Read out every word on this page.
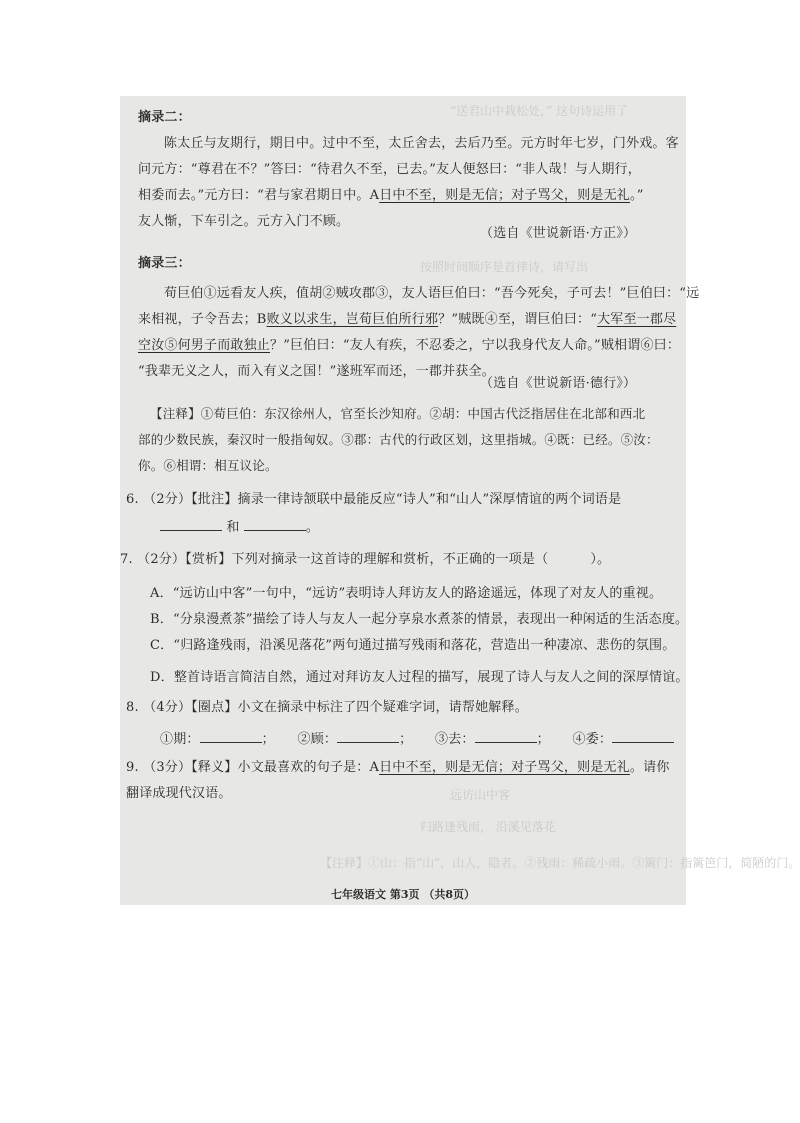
“送君山中栽松处，” 这句诗运用了
按照时间顺序是首律诗，请写出
远访山中客
归路逢残雨， 沿溪见落花
【注释】①山：指“山”，山人，隐者。②残雨：稀疏小雨。③篱门：指篱笆门，简陋的门。
摘录二：
陈太丘与友期行，期日中。过中不至，太丘舍去，去后乃至。元方时年七岁，门外戏。客
问元方：“尊君在不？”答曰：“待君久不至，已去。”友人便怒曰：“非人哉！与人期行，
相委而去。”元方曰：“君与家君期日中。A日中不至，则是无信；对子骂父，则是无礼。”
友人惭，下车引之。元方入门不顾。
（选自《世说新语·方正》）
摘录三：
荀巨伯①远看友人疾，值胡②贼攻郡③，友人语巨伯曰：“吾今死矣，子可去！”巨伯曰：“远
来相视，子令吾去；B败义以求生，岂荀巨伯所行邪？”贼既④至，谓巨伯曰：“大军至一郡尽
空汝⑤何男子而敢独止？”巨伯曰：“友人有疾，不忍委之，宁以我身代友人命。”贼相谓⑥曰：
“我辈无义之人，而入有义之国！”遂班军而还，一郡并获全。
（选自《世说新语·德行》）
【注释】①荀巨伯：东汉徐州人，官至长沙知府。②胡：中国古代泛指居住在北部和西北
部的少数民族，秦汉时一般指匈奴。③郡：古代的行政区划，这里指城。④既：已经。⑤汝：
你。⑥相谓：相互议论。
6. （2分）【批注】摘录一律诗颔联中最能反应“诗人”和“山人”深厚情谊的两个词语是
和	。
7. （2分）【赏析】下列对摘录一这首诗的理解和赏析，不正确的一项是（	）。
A．“远访山中客”一句中，“远访”表明诗人拜访友人的路途遥远，体现了对友人的重视。
B．“分泉漫煮茶”描绘了诗人与友人一起分享泉水煮茶的情景，表现出一种闲适的生活态度。
C．“归路逢残雨，沿溪见落花”两句通过描写残雨和落花，营造出一种凄凉、悲伤的氛围。
D．整首诗语言简洁自然，通过对拜访友人过程的描写，展现了诗人与友人之间的深厚情谊。
8. （4分）【圈点】小文在摘录中标注了四个疑难字词，请帮她解释。
①期：	； ②顾：	； ③去：	； ④委：
9. （3分）【释义】小文最喜欢的句子是：A日中不至，则是无信；对子骂父，则是无礼。请你
翻译成现代汉语。
七年级语文 第3页 （共8页）
